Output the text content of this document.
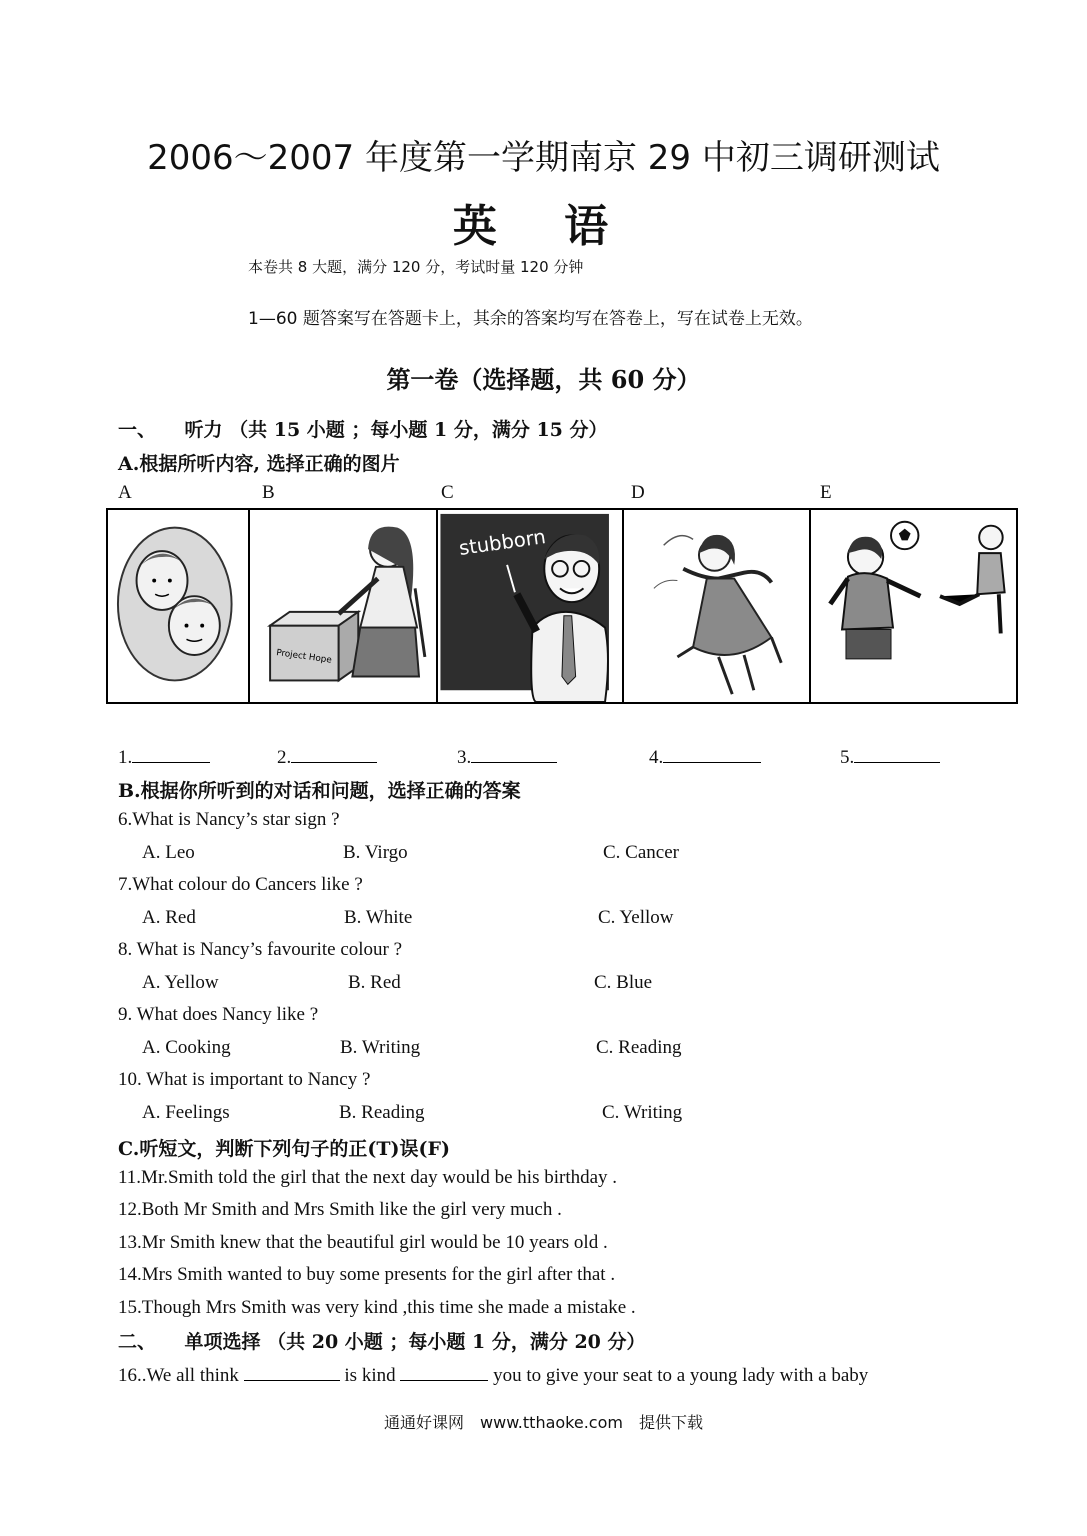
2006～2007 年度第一学期南京 29 中初三调研测试
英 语
本卷共 8 大题，满分 120 分，考试时量 120 分钟
1—60 题答案写在答题卡上，其余的答案均写在答卷上，写在试卷上无效。
第一卷（选择题，共 60 分）
一、　　听力 （共 15 小题 ；每小题 1 分，满分 15 分）
A.根据所听内容, 选择正确的图片
A	B	C	D	E
Project Hope
stubborn
1.	2.	3.	4.	5.
B.根据你所听到的对话和问题，选择正确的答案
6.What is Nancy’s star sign ?
A. Leo	B. Virgo	C. Cancer
7.What colour do Cancers like ?
A. Red	B. White	C. Yellow
8. What is Nancy’s favourite colour ?
A. Yellow	B. Red	C. Blue
9. What does Nancy like ?
A. Cooking	B. Writing	C. Reading
10. What is important to Nancy ?
A. Feelings	B. Reading	C. Writing
C.听短文，判断下列句子的正(T)误(F)
11.Mr.Smith told the girl that the next day would be his birthday .
12.Both Mr Smith and Mrs Smith like the girl very much .
13.Mr Smith knew that the beautiful girl would be 10 years old .
14.Mrs Smith wanted to buy some presents for the girl after that .
15.Though Mrs Smith was very kind ,this time she made a mistake .
二、　　单项选择 （共 20 小题 ；每小题 1 分，满分 20 分）
16..We all think	is kind	you to give your seat to a young lady with a baby
通通好课网　www.tthaoke.com　提供下载
